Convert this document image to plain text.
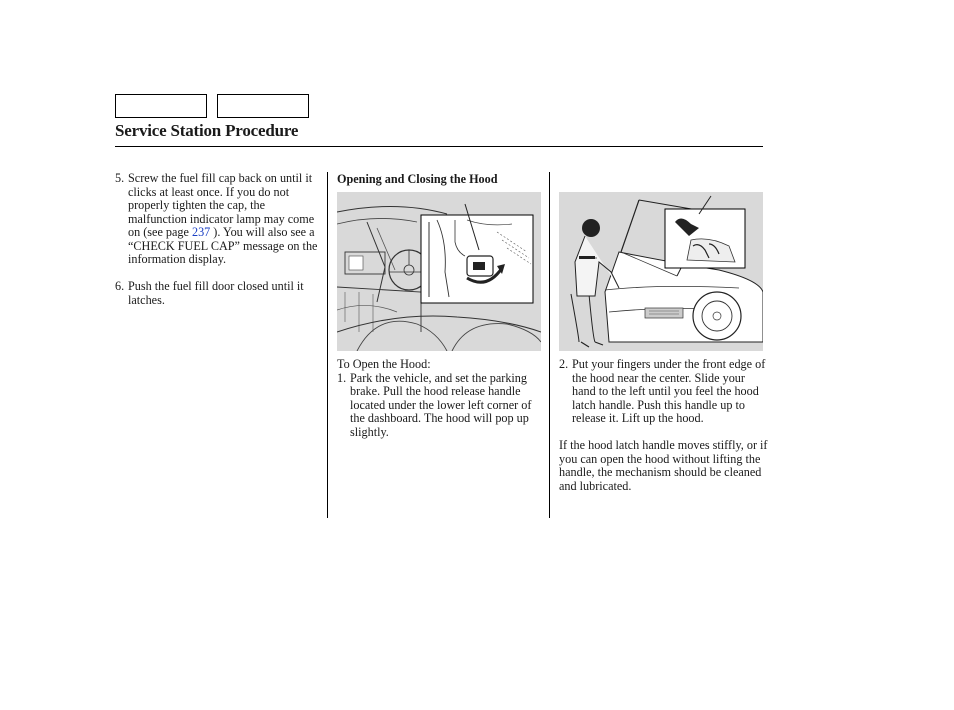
Service Station Procedure

5. Screw the fuel fill cap back on until it clicks at least once. If you do not properly tighten the cap, the malfunction indicator lamp may come on (see page 237 ). You will also see a “CHECK FUEL CAP” message on the information display.

6. Push the fuel fill door closed until it latches.

Opening and Closing the Hood

To Open the Hood:

1. Park the vehicle, and set the parking brake. Pull the hood release handle located under the lower left corner of the dashboard. The hood will pop up slightly.

2. Put your fingers under the front edge of the hood near the center. Slide your hand to the left until you feel the hood latch handle. Push this handle up to release it. Lift up the hood.

If the hood latch handle moves stiffly, or if you can open the hood without lifting the handle, the mechanism should be cleaned and lubricated.
